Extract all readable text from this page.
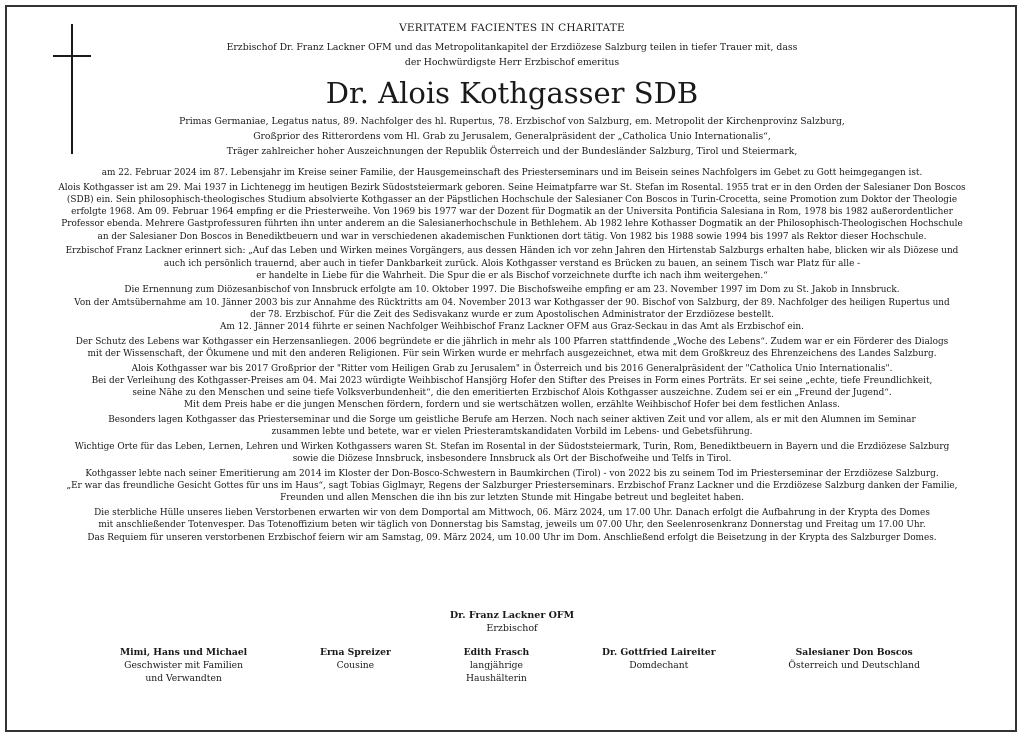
VERITATEM FACIENTES IN CHARITATE
Erzbischof Dr. Franz Lackner OFM und das Metropolitankapitel der Erzdiözese Salzburg teilen in tiefer Trauer mit, dass
der Hochwürdigste Herr Erzbischof emeritus
Dr. Alois Kothgasser SDB
Primas Germaniae, Legatus natus, 89. Nachfolger des hl. Rupertus, 78. Erzbischof von Salzburg, em. Metropolit der Kirchenprovinz Salzburg,
Großprior des Ritterordens vom Hl. Grab zu Jerusalem, Generalpräsident der „Catholica Unio Internationalis“,
Träger zahlreicher hoher Auszeichnungen der Republik Österreich und der Bundesländer Salzburg, Tirol und Steiermark,

am 22. Februar 2024 im 87. Lebensjahr im Kreise seiner Familie, der Hausgemeinschaft des Priesterseminars und im Beisein seines Nachfolgers im Gebet zu Gott heimgegangen ist.

Alois Kothgasser ist am 29. Mai 1937 in Lichtenegg im heutigen Bezirk Südoststeiermark geboren. Seine Heimatpfarre war St. Stefan im Rosental. 1955 trat er in den Orden der Salesianer Don Boscos
(SDB) ein. Sein philosophisch-theologisches Studium absolvierte Kothgasser an der Päpstlichen Hochschule der Salesianer Con Boscos in Turin-Crocetta, seine Promotion zum Doktor der Theologie
erfolgte 1968. Am 09. Februar 1964 empfing er die Priesterweihe. Von 1969 bis 1977 war der Dozent für Dogmatik an der Universita Pontificia Salesiana in Rom, 1978 bis 1982 außerordentlicher
Professor ebenda. Mehrere Gastprofessuren führten ihn unter anderem an die Salesianerhochschule in Bethlehem. Ab 1982 lehre Kothasser Dogmatik an der Philosophisch-Theologischen Hochschule
an der Salesianer Don Boscos in Benediktbeuern und war in verschiedenen akademischen Funktionen dort tätig. Von 1982 bis 1988 sowie 1994 bis 1997 als Rektor dieser Hochschule.

Erzbischof Franz Lackner erinnert sich: „Auf das Leben und Wirken meines Vorgängers, aus dessen Händen ich vor zehn Jahren den Hirtenstab Salzburgs erhalten habe, blicken wir als Diözese und
auch ich persönlich trauernd, aber auch in tiefer Dankbarkeit zurück. Alois Kothgasser verstand es Brücken zu bauen, an seinem Tisch war Platz für alle -
er handelte in Liebe für die Wahrheit. Die Spur die er als Bischof vorzeichnete durfte ich nach ihm weitergehen.“

Die Ernennung zum Diözesanbischof von Innsbruck erfolgte am 10. Oktober 1997. Die Bischofsweihe empfing er am 23. November 1997 im Dom zu St. Jakob in Innsbruck.
Von der Amtsübernahme am 10. Jänner 2003 bis zur Annahme des Rücktritts am 04. November 2013 war Kothgasser der 90. Bischof von Salzburg, der 89. Nachfolger des heiligen Rupertus und
der 78. Erzbischof. Für die Zeit des Sedisvakanz wurde er zum Apostolischen Administrator der Erzdiözese bestellt.
Am 12. Jänner 2014 führte er seinen Nachfolger Weihbischof Franz Lackner OFM aus Graz-Seckau in das Amt als Erzbischof ein.

Der Schutz des Lebens war Kothgasser ein Herzensanliegen. 2006 begründete er die jährlich in mehr als 100 Pfarren stattfindende „Woche des Lebens“. Zudem war er ein Förderer des Dialogs
mit der Wissenschaft, der Ökumene und mit den anderen Religionen. Für sein Wirken wurde er mehrfach ausgezeichnet, etwa mit dem Großkreuz des Ehrenzeichens des Landes Salzburg.

Alois Kothgasser war bis 2017 Großprior der "Ritter vom Heiligen Grab zu Jerusalem" in Österreich und bis 2016 Generalpräsident der "Catholica Unio Internationalis".
Bei der Verleihung des Kothgasser-Preises am 04. Mai 2023 würdigte Weihbischof Hansjörg Hofer den Stifter des Preises in Form eines Porträts. Er sei seine „echte, tiefe Freundlichkeit,
seine Nähe zu den Menschen und seine tiefe Volksverbundenheit“, die den emeritierten Erzbischof Alois Kothgasser auszeichne. Zudem sei er ein „Freund der Jugend“.
Mit dem Preis habe er die jungen Menschen fördern, fordern und sie wertschätzen wollen, erzählte Weihbischof Hofer bei dem festlichen Anlass.

Besonders lagen Kothgasser das Priesterseminar und die Sorge um geistliche Berufe am Herzen. Noch nach seiner aktiven Zeit und vor allem, als er mit den Alumnen im Seminar
zusammen lebte und betete, war er vielen Priesteramtskandidaten Vorbild im Lebens- und Gebetsführung.

Wichtige Orte für das Leben, Lernen, Lehren und Wirken Kothgassers waren St. Stefan im Rosental in der Südoststeiermark, Turin, Rom, Benediktbeuern in Bayern und die Erzdiözese Salzburg
sowie die Diözese Innsbruck, insbesondere Innsbruck als Ort der Bischofweihe und Telfs in Tirol.

Kothgasser lebte nach seiner Emeritierung am 2014 im Kloster der Don-Bosco-Schwestern in Baumkirchen (Tirol) - von 2022 bis zu seinem Tod im Priesterseminar der Erzdiözese Salzburg.
„Er war das freundliche Gesicht Gottes für uns im Haus“, sagt Tobias Giglmayr, Regens der Salzburger Priesterseminars. Erzbischof Franz Lackner und die Erzdiözese Salzburg danken der Familie,
Freunden und allen Menschen die ihn bis zur letzten Stunde mit Hingabe betreut und begleitet haben.

Die sterbliche Hülle unseres lieben Verstorbenen erwarten wir von dem Domportal am Mittwoch, 06. März 2024, um 17.00 Uhr. Danach erfolgt die Aufbahrung in der Krypta des Domes
mit anschließender Totenvesper. Das Totenoffizium beten wir täglich von Donnerstag bis Samstag, jeweils um 07.00 Uhr, den Seelenrosenkranz Donnerstag und Freitag um 17.00 Uhr.
Das Requiem für unseren verstorbenen Erzbischof feiern wir am Samstag, 09. März 2024, um 10.00 Uhr im Dom. Anschließend erfolgt die Beisetzung in der Krypta des Salzburger Domes.

Dr. Franz Lackner OFM
Erzbischof
Mimi, Hans und Michael
Geschwister mit Familien
und Verwandten
Erna Spreizer
Cousine
Edith Frasch
langjährige
Haushälterin
Dr. Gottfried Laireiter
Domdechant
Salesianer Don Boscos
Österreich und Deutschland
